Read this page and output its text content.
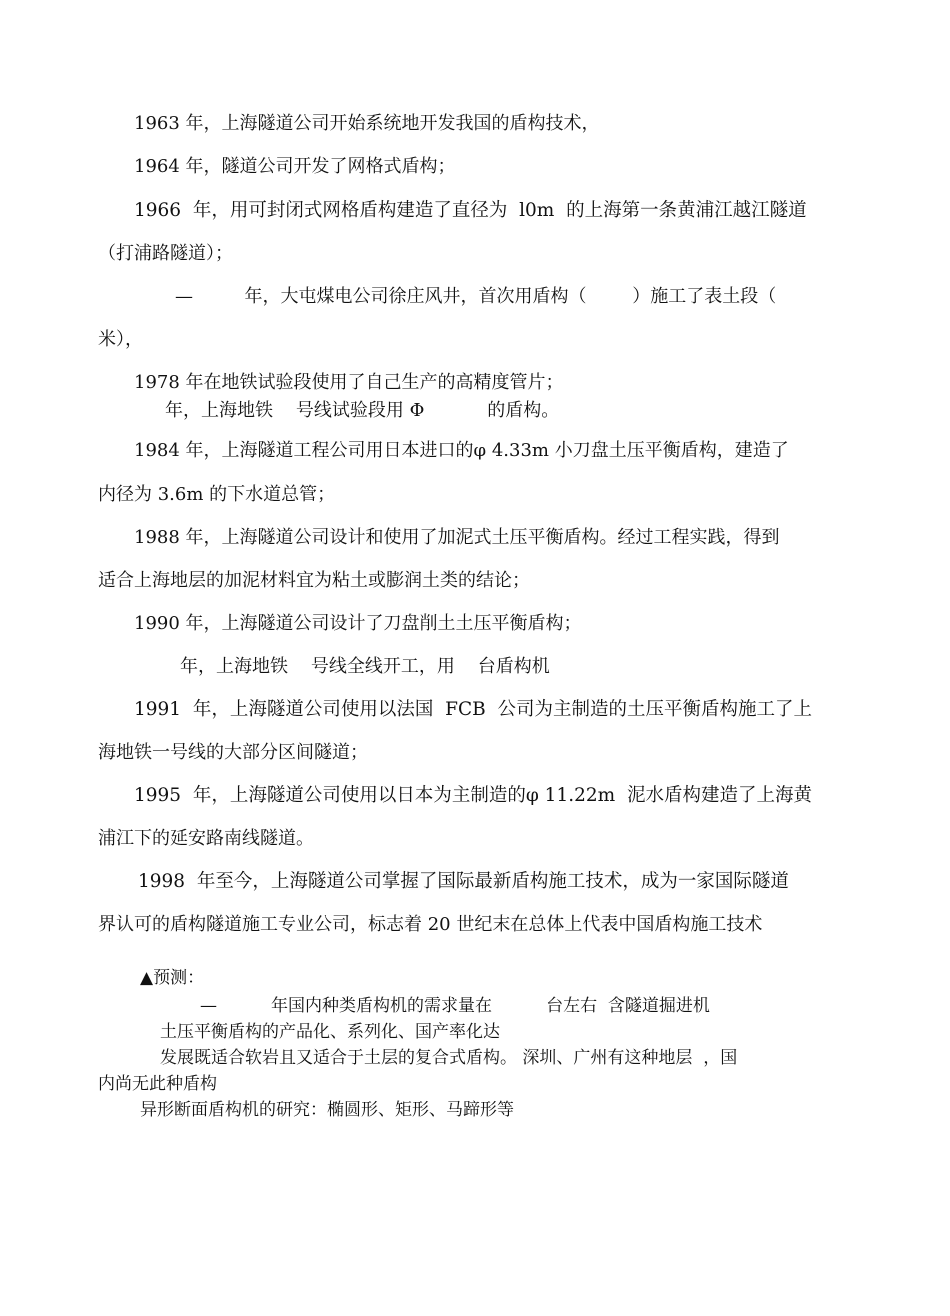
1963 年，上海隧道公司开始系统地开发我国的盾构技术，
1964 年，隧道公司开发了网格式盾构；
1966  年，用可封闭式网格盾构建造了直径为  l0m  的上海第一条黄浦江越江隧道
（打浦路隧道）；
—         年，大屯煤电公司徐庄风井，首次用盾构（        ）施工了表土段（
米），
1978 年在地铁试验段使用了自己生产的高精度管片；
年，上海地铁    号线试验段用 Φ           的盾构。
1984 年，上海隧道工程公司用日本进口的φ 4.33m 小刀盘土压平衡盾构，建造了
内径为 3.6m 的下水道总管；
1988 年，上海隧道公司设计和使用了加泥式土压平衡盾构。经过工程实践，得到
适合上海地层的加泥材料宜为粘土或膨润土类的结论；
1990 年，上海隧道公司设计了刀盘削土土压平衡盾构；
年，上海地铁    号线全线开工，用    台盾构机
1991  年，上海隧道公司使用以法国  FCB  公司为主制造的土压平衡盾构施工了上
海地铁一号线的大部分区间隧道；
1995  年，上海隧道公司使用以日本为主制造的φ 11.22m  泥水盾构建造了上海黄
浦江下的延安路南线隧道。
1998  年至今，上海隧道公司掌握了国际最新盾构施工技术，成为一家国际隧道
界认可的盾构隧道施工专业公司，标志着 20 世纪末在总体上代表中国盾构施工技术
▲预测：
—          年国内种类盾构机的需求量在          台左右  含隧道掘进机
土压平衡盾构的产品化、系列化、国产率化达
发展既适合软岩且又适合于土层的复合式盾构。 深圳、广州有这种地层  ，国
内尚无此种盾构
异形断面盾构机的研究：椭圆形、矩形、马蹄形等
